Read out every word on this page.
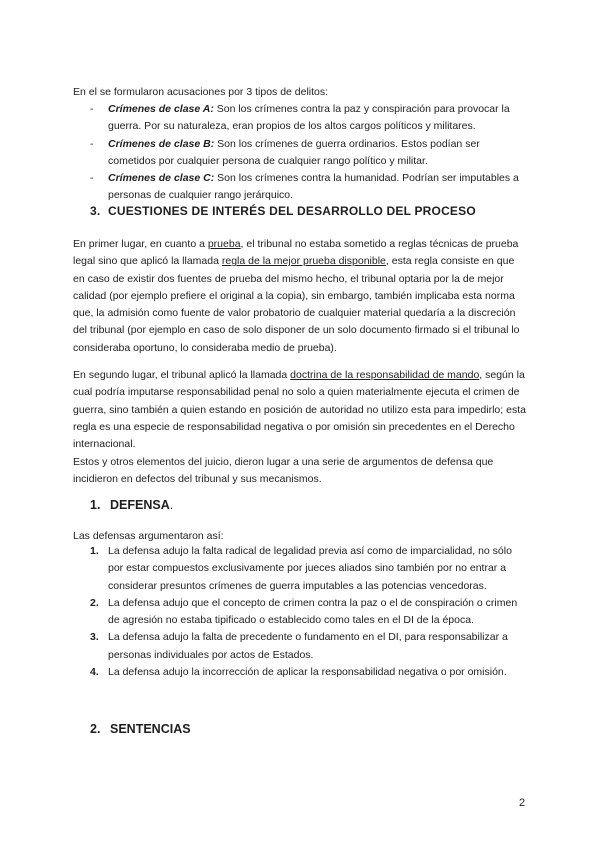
En el se formularon acusaciones por 3 tipos de delitos:

- Crímenes de clase A: Son los crímenes contra la paz y conspiración para provocar la guerra. Por su naturaleza, eran propios de los altos cargos políticos y militares.
- Crímenes de clase B: Son los crímenes de guerra ordinarios. Estos podían ser cometidos por cualquier persona de cualquier rango político y militar.
- Crímenes de clase C: Son los crímenes contra la humanidad. Podrían ser imputables a personas de cualquier rango jerárquico.
3. CUESTIONES DE INTERÉS DEL DESARROLLO DEL PROCESO

En primer lugar, en cuanto a prueba, el tribunal no estaba sometido a reglas técnicas de prueba legal sino que aplicó la llamada regla de la mejor prueba disponible, esta regla consiste en que en caso de existir dos fuentes de prueba del mismo hecho, el tribunal optaria por la de mejor calidad (por ejemplo prefiere el original a la copia), sin embargo, también implicaba esta norma que, la admisión como fuente de valor probatorio de cualquier material quedaría a la discreción del tribunal (por ejemplo en caso de solo disponer de un solo documento firmado si el tribunal lo consideraba oportuno, lo consideraba medio de prueba).

En segundo lugar, el tribunal aplicó la llamada doctrina de la responsabilidad de mando, según la cual podría imputarse responsabilidad penal no solo a quien materialmente ejecuta el crimen de guerra, sino también a quien estando en posición de autoridad no utilizo esta para impedirlo; esta regla es una especie de responsabilidad negativa o por omisión sin precedentes en el Derecho internacional.

Estos y otros elementos del juicio, dieron lugar a una serie de argumentos de defensa que incidieron en defectos del tribunal y sus mecanismos.

1. DEFENSA.

Las defensas argumentaron así:

1. La defensa adujo la falta radical de legalidad previa así como de imparcialidad, no sólo por estar compuestos exclusivamente por jueces aliados sino también por no entrar a considerar presuntos crímenes de guerra imputables a las potencias vencedoras.
2. La defensa adujo que el concepto de crimen contra la paz o el de conspiración o crimen de agresión no estaba tipificado o establecido como tales en el DI de la época.
3. La defensa adujo la falta de precedente o fundamento en el DI, para responsabilizar a personas individuales por actos de Estados.
4. La defensa adujo la incorrección de aplicar la responsabilidad negativa o por omisión.
2. SENTENCIAS
2
